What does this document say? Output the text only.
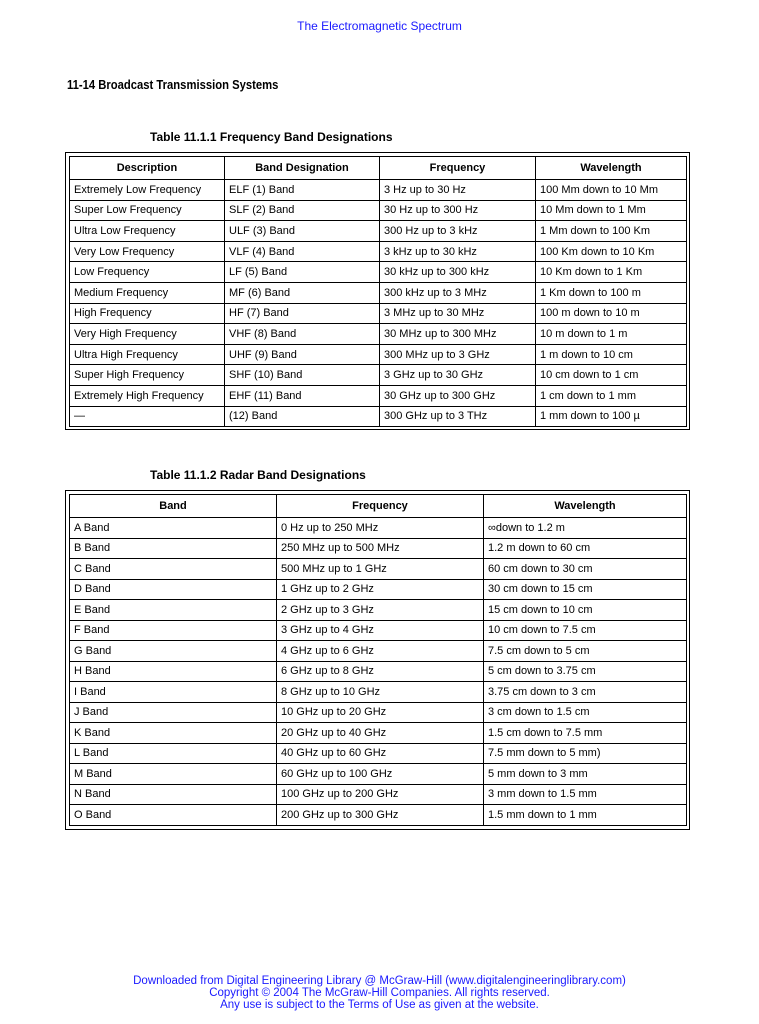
The Electromagnetic Spectrum
11-14 Broadcast Transmission Systems
Table 11.1.1 Frequency Band Designations
Description	Band Designation	Frequency	Wavelength
Extremely Low Frequency	ELF (1) Band	3 Hz up to 30 Hz	100 Mm down to 10 Mm
Super Low Frequency	SLF (2) Band	30 Hz up to 300 Hz	10 Mm down to 1 Mm
Ultra Low Frequency	ULF (3) Band	300 Hz up to 3 kHz	1 Mm down to 100 Km
Very Low Frequency	VLF (4) Band	3 kHz up to 30 kHz	100 Km down to 10 Km
Low Frequency	LF (5) Band	30 kHz up to 300 kHz	10 Km down to 1 Km
Medium Frequency	MF (6) Band	300 kHz up to 3 MHz	1 Km down to 100 m
High Frequency	HF (7) Band	3 MHz up to 30 MHz	100 m down to 10 m
Very High Frequency	VHF (8) Band	30 MHz up to 300 MHz	10 m down to 1 m
Ultra High Frequency	UHF (9) Band	300 MHz up to 3 GHz	1 m down to 10 cm
Super High Frequency	SHF (10) Band	3 GHz up to 30 GHz	10 cm down to 1 cm
Extremely High Frequency	EHF (11) Band	30 GHz up to 300 GHz	1 cm down to 1 mm
—	(12) Band	300 GHz up to 3 THz	1 mm down to 100 µ
Table 11.1.2 Radar Band Designations
Band	Frequency	Wavelength
A Band	0 Hz up to 250 MHz	∞down to 1.2 m
B Band	250 MHz up to 500 MHz	1.2 m down to 60 cm
C Band	500 MHz up to 1 GHz	60 cm down to 30 cm
D Band	1 GHz up to 2 GHz	30 cm down to 15 cm
E Band	2 GHz up to 3 GHz	15 cm down to 10 cm
F Band	3 GHz up to 4 GHz	10 cm down to 7.5 cm
G Band	4 GHz up to 6 GHz	7.5 cm down to 5 cm
H Band	6 GHz up to 8 GHz	5 cm down to 3.75 cm
I Band	8 GHz up to 10 GHz	3.75 cm down to 3 cm
J Band	10 GHz up to 20 GHz	3 cm down to 1.5 cm
K Band	20 GHz up to 40 GHz	1.5 cm down to 7.5 mm
L Band	40 GHz up to 60 GHz	7.5 mm down to 5 mm)
M Band	60 GHz up to 100 GHz	5 mm down to 3 mm
N Band	100 GHz up to 200 GHz	3 mm down to 1.5 mm
O Band	200 GHz up to 300 GHz	1.5 mm down to 1 mm
Downloaded from Digital Engineering Library @ McGraw-Hill (www.digitalengineeringlibrary.com)
Copyright © 2004 The McGraw-Hill Companies. All rights reserved.
Any use is subject to the Terms of Use as given at the website.
